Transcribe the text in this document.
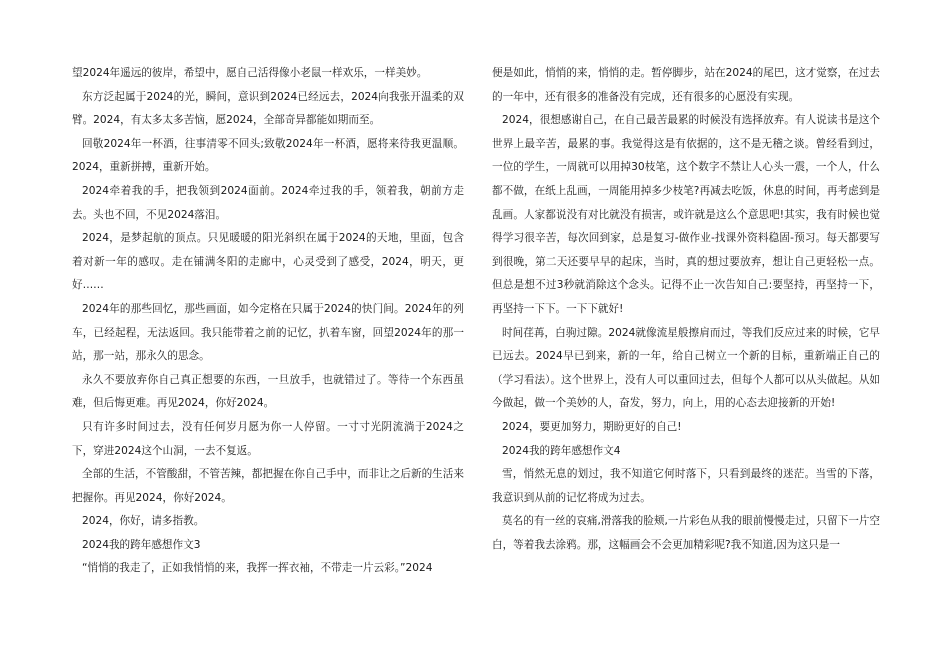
望2024年遥远的彼岸，希望中，愿自己活得像小老鼠一样欢乐，一样美妙。

东方泛起属于2024的光，瞬间，意识到2024已经远去，2024向我张开温柔的双臂。2024，有太多太多苦恼，愿2024，全部奇异都能如期而至。

回敬2024年一杯酒，往事清零不回头;致敬2024年一杯酒，愿将来待我更温顺。2024，重新拼搏，重新开始。

2024牵着我的手，把我领到2024面前。2024牵过我的手，领着我，朝前方走去。头也不回，不见2024落泪。

2024，是梦起航的顶点。只见暖暖的阳光斜织在属于2024的天地，里面，包含着对新一年的感叹。走在铺满冬阳的走廊中，心灵受到了感受，2024，明天，更好……

2024年的那些回忆，那些画面，如今定格在只属于2024的快门间。2024年的列车，已经起程，无法返回。我只能带着之前的记忆，扒着车窗，回望2024年的那一站，那一站，那永久的思念。

永久不要放弃你自己真正想要的东西，一旦放手，也就错过了。等待一个东西虽难，但后悔更难。再见2024，你好2024。

只有许多时间过去，没有任何岁月愿为你一人停留。一寸寸光阴流淌于2024之下，穿进2024这个山洞，一去不复返。

全部的生活，不管酸甜，不管苦辣，都把握在你自己手中，而非让之后新的生活来把握你。再见2024，你好2024。

2024，你好，请多指教。

2024我的跨年感想作文3

“悄悄的我走了，正如我悄悄的来，我挥一挥衣袖，不带走一片云彩。”2024

便是如此，悄悄的来，悄悄的走。暂停脚步，站在2024的尾巴，这才觉察，在过去的一年中，还有很多的准备没有完成，还有很多的心愿没有实现。

2024，很想感谢自己，在自己最苦最累的时候没有选择放弃。有人说读书是这个世界上最辛苦，最累的事。我觉得这是有依据的，这不是无稽之谈。曾经看到过，一位的学生，一周就可以用掉30枝笔，这个数字不禁让人心头一震，一个人，什么都不做，在纸上乱画，一周能用掉多少枝笔?再减去吃饭，休息的时间，再考虑到是乱画。人家都说没有对比就没有损害，或许就是这么个意思吧!其实，我有时候也觉得学习很辛苦，每次回到家，总是复习-做作业-找课外资料稳固-预习。每天都要写到很晚，第二天还要早早的起床，当时，真的想过要放弃，想让自己更轻松一点。但总是想不过3秒就消除这个念头。记得不止一次告知自己:要坚持，再坚持一下，再坚持一下下。一下下就好!

时间荏苒，白驹过隙。2024就像流星般擦肩而过，等我们反应过来的时候，它早已远去。2024早已到来，新的一年，给自己树立一个新的目标，重新端正自己的（学习看法）。这个世界上，没有人可以重回过去，但每个人都可以从头做起。从如今做起，做一个美妙的人，奋发，努力，向上，用的心态去迎接新的开始!

2024，要更加努力，期盼更好的自己!

2024我的跨年感想作文4

雪，悄然无息的划过，我不知道它何时落下，只看到最终的迷茫。当雪的下落，我意识到从前的记忆将成为过去。

莫名的有一丝的哀痛,滑落我的脸颊,一片彩色从我的眼前慢慢走过，只留下一片空白，等着我去涂鸦。那，这幅画会不会更加精彩呢?我不知道,因为这只是一
